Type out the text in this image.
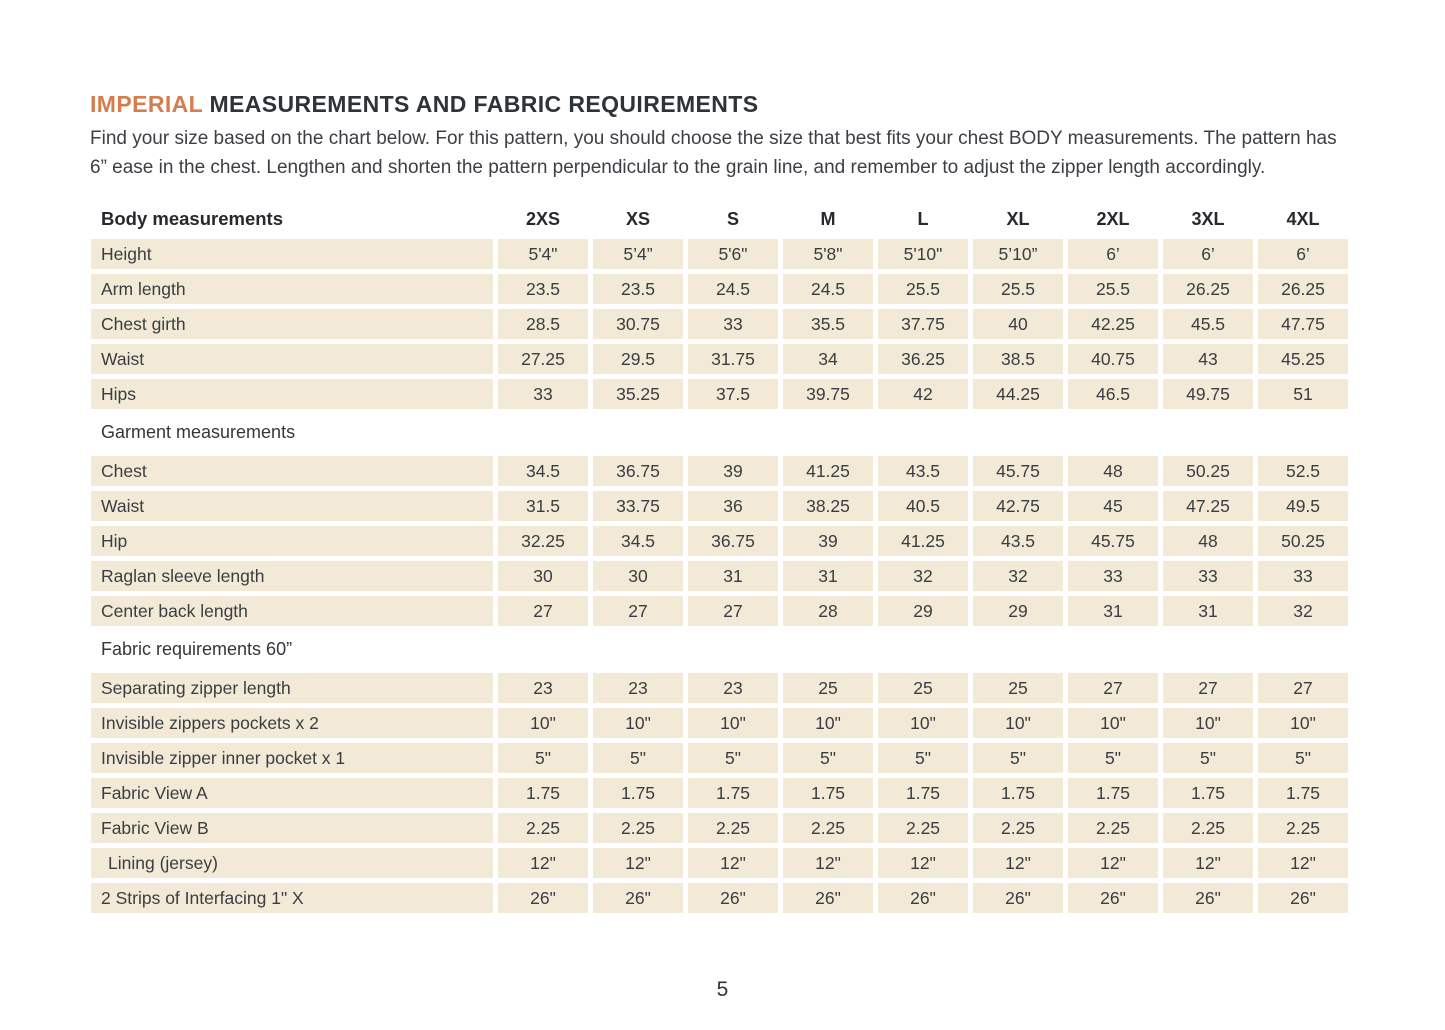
IMPERIAL MEASUREMENTS AND FABRIC REQUIREMENTS

Find your size based on the chart below. For this pattern, you should choose the size that best fits your chest BODY measurements. The pattern has 6” ease in the chest. Lengthen and shorten the pattern perpendicular to the grain line, and remember to adjust the zipper length accordingly.

Body measurements	2XS	XS	S	M	L	XL	2XL	3XL	4XL
Height	5'4"	5’4”	5'6"	5'8"	5'10"	5’10”	6’	6’	6’
Arm length	23.5	23.5	24.5	24.5	25.5	25.5	25.5	26.25	26.25
Chest girth	28.5	30.75	33	35.5	37.75	40	42.25	45.5	47.75
Waist	27.25	29.5	31.75	34	36.25	38.5	40.75	43	45.25
Hips	33	35.25	37.5	39.75	42	44.25	46.5	49.75	51
Garment measurements									
Chest	34.5	36.75	39	41.25	43.5	45.75	48	50.25	52.5
Waist	31.5	33.75	36	38.25	40.5	42.75	45	47.25	49.5
Hip	32.25	34.5	36.75	39	41.25	43.5	45.75	48	50.25
Raglan sleeve length	30	30	31	31	32	32	33	33	33
Center back length	27	27	27	28	29	29	31	31	32
Fabric requirements 60”									
Separating zipper length	23	23	23	25	25	25	27	27	27
Invisible zippers pockets x 2	10"	10"	10"	10"	10"	10"	10"	10"	10"
Invisible zipper inner pocket x 1	5"	5"	5"	5"	5"	5"	5"	5"	5"
Fabric View A	1.75	1.75	1.75	1.75	1.75	1.75	1.75	1.75	1.75
Fabric View B	2.25	2.25	2.25	2.25	2.25	2.25	2.25	2.25	2.25
Lining (jersey)	12"	12"	12"	12"	12"	12"	12"	12"	12"
2 Strips of Interfacing 1" X	26"	26"	26"	26"	26"	26"	26"	26"	26"
5
